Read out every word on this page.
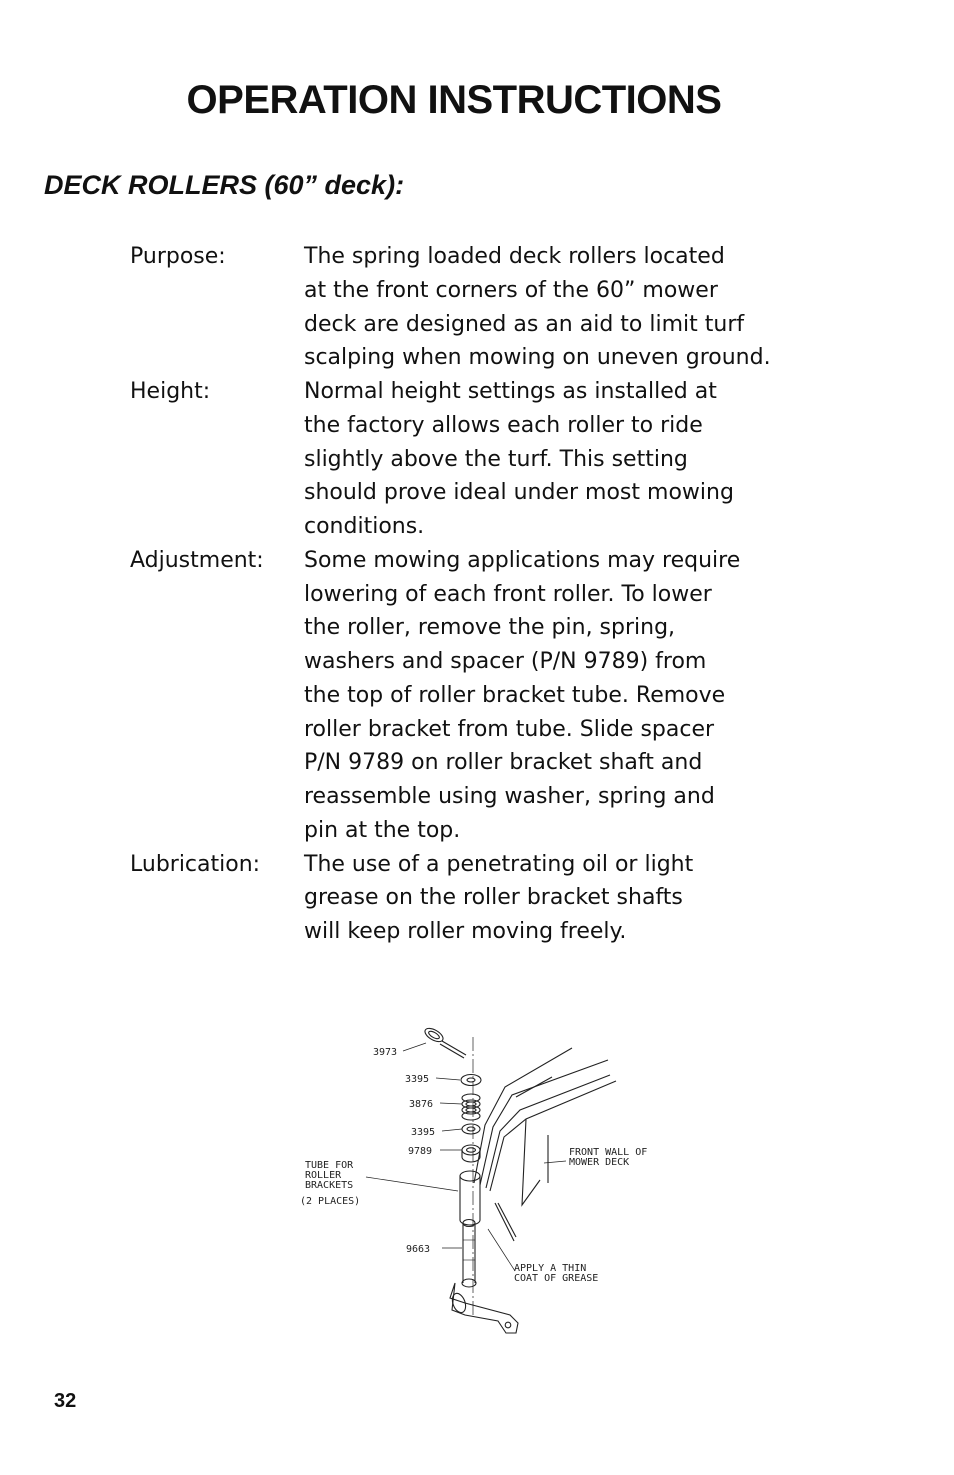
OPERATION INSTRUCTIONS
DECK ROLLERS (60” deck):
Purpose:	The spring loaded deck rollers located
at the front corners of the 60” mower
deck are designed as an aid to limit turf
scalping when mowing on uneven ground.
Height:	Normal height settings as installed at
the factory allows each roller to ride
slightly above the turf. This setting
should prove ideal under most mowing
conditions.
Adjustment:	Some mowing applications may require
lowering of each front roller. To lower
the roller, remove the pin, spring,
washers and spacer (P/N 9789) from
the top of roller bracket tube. Remove
roller bracket from tube. Slide spacer
P/N 9789 on roller bracket shaft and
reassemble using washer, spring and
pin at the top.
Lubrication:	The use of a penetrating oil or light
grease on the roller bracket shafts
will keep roller moving freely.
3973
3395
3876
3395
9789
9663
TUBE FOR
ROLLER
BRACKETS
(2 PLACES)
FRONT WALL OF
MOWER DECK
APPLY A THIN
COAT OF GREASE
32
